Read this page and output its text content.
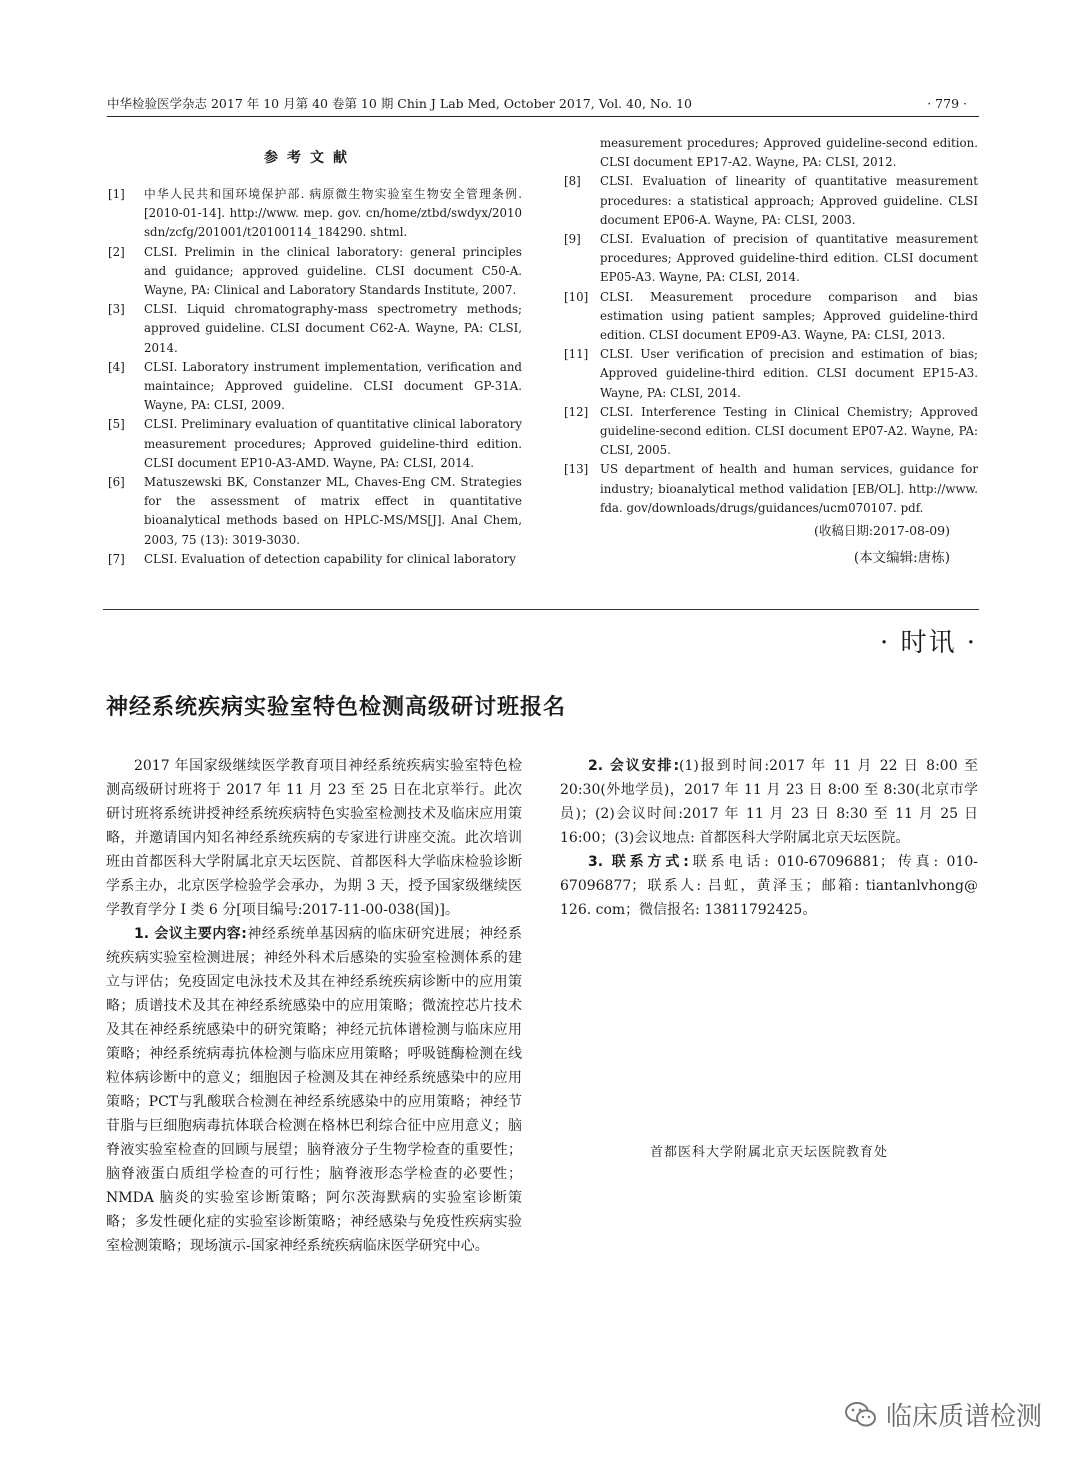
中华检验医学杂志 2017 年 10 月第 40 卷第 10 期 Chin J Lab Med, October 2017, Vol. 40, No. 10	· 779 ·
参考文献
[1]	中华人民共和国环境保护部. 病原微生物实验室生物安全管理条例. [2010-01-14]. http://www. mep. gov. cn/home/ztbd/swdyx/2010 sdn/zcfg/201001/t20100114_184290. shtml.
[2]	CLSI. Prelimin in the clinical laboratory: general principles and guidance; approved guideline. CLSI document C50-A. Wayne, PA: Clinical and Laboratory Standards Institute, 2007.
[3]	CLSI. Liquid chromatography-mass spectrometry methods; approved guideline. CLSI document C62-A. Wayne, PA: CLSI, 2014.
[4]	CLSI. Laboratory instrument implementation, verification and maintaince; Approved guideline. CLSI document GP-31A. Wayne, PA: CLSI, 2009.
[5]	CLSI. Preliminary evaluation of quantitative clinical laboratory measurement procedures; Approved guideline-third edition. CLSI document EP10-A3-AMD. Wayne, PA: CLSI, 2014.
[6]	Matuszewski BK, Constanzer ML, Chaves-Eng CM. Strategies for the assessment of matrix effect in quantitative bioanalytical methods based on HPLC-MS/MS[J]. Anal Chem, 2003, 75 (13): 3019-3030.
[7]	CLSI. Evaluation of detection capability for clinical laboratory
measurement procedures; Approved guideline-second edition. CLSI document EP17-A2. Wayne, PA: CLSI, 2012.
[8]	CLSI. Evaluation of linearity of quantitative measurement procedures: a statistical approach; Approved guideline. CLSI document EP06-A. Wayne, PA: CLSI, 2003.
[9]	CLSI. Evaluation of precision of quantitative measurement procedures; Approved guideline-third edition. CLSI document EP05-A3. Wayne, PA: CLSI, 2014.
[10] CLSI. Measurement procedure comparison and bias estimation using patient samples; Approved guideline-third edition. CLSI document EP09-A3. Wayne, PA: CLSI, 2013.
[11] CLSI. User verification of precision and estimation of bias; Approved guideline-third edition. CLSI document EP15-A3. Wayne, PA: CLSI, 2014.
[12] CLSI. Interference Testing in Clinical Chemistry; Approved guideline-second edition. CLSI document EP07-A2. Wayne, PA: CLSI, 2005.
[13] US department of health and human services, guidance for industry; bioanalytical method validation [EB/OL]. http://www. fda. gov/downloads/drugs/guidances/ucm070107. pdf.
(收稿日期:2017-08-09)
(本文编辑:唐栋)
· 时讯 ·
神经系统疾病实验室特色检测高级研讨班报名

2017 年国家级继续医学教育项目神经系统疾病实验室特色检测高级研讨班将于 2017 年 11 月 23 至 25 日在北京举行。此次研讨班将系统讲授神经系统疾病特色实验室检测技术及临床应用策略，并邀请国内知名神经系统疾病的专家进行讲座交流。此次培训班由首都医科大学附属北京天坛医院、首都医科大学临床检验诊断学系主办，北京医学检验学会承办，为期 3 天，授予国家级继续医学教育学分 Ⅰ 类 6 分[项目编号:2017-11-00-038(国)]。

1. 会议主要内容:神经系统单基因病的临床研究进展；神经系统疾病实验室检测进展；神经外科术后感染的实验室检测体系的建立与评估；免疫固定电泳技术及其在神经系统疾病诊断中的应用策略；质谱技术及其在神经系统感染中的应用策略；微流控芯片技术及其在神经系统感染中的研究策略；神经元抗体谱检测与临床应用策略；神经系统病毒抗体检测与临床应用策略；呼吸链酶检测在线粒体病诊断中的意义；细胞因子检测及其在神经系统感染中的应用策略；PCT与乳酸联合检测在神经系统感染中的应用策略；神经节苷脂与巨细胞病毒抗体联合检测在格林巴利综合征中应用意义；脑脊液实验室检查的回顾与展望；脑脊液分子生物学检查的重要性；脑脊液蛋白质组学检查的可行性；脑脊液形态学检查的必要性；NMDA 脑炎的实验室诊断策略；阿尔茨海默病的实验室诊断策略；多发性硬化症的实验室诊断策略；神经感染与免疫性疾病实验室检测策略；现场演示-国家神经系统疾病临床医学研究中心。

2. 会议安排:(1)报到时间:2017 年 11 月 22 日 8:00 至 20:30(外地学员)，2017 年 11 月 23 日 8:00 至 8:30(北京市学员)；(2)会议时间:2017 年 11 月 23 日 8:30 至 11 月 25 日 16:00；(3)会议地点: 首都医科大学附属北京天坛医院。

3. 联系方式:联系电话: 010-67096881；传真: 010-67096877；联系人: 吕虹，黄泽玉；邮箱: tiantanlvhong@ 126. com；微信报名: 13811792425。

首都医科大学附属北京天坛医院教育处
临床质谱检测
